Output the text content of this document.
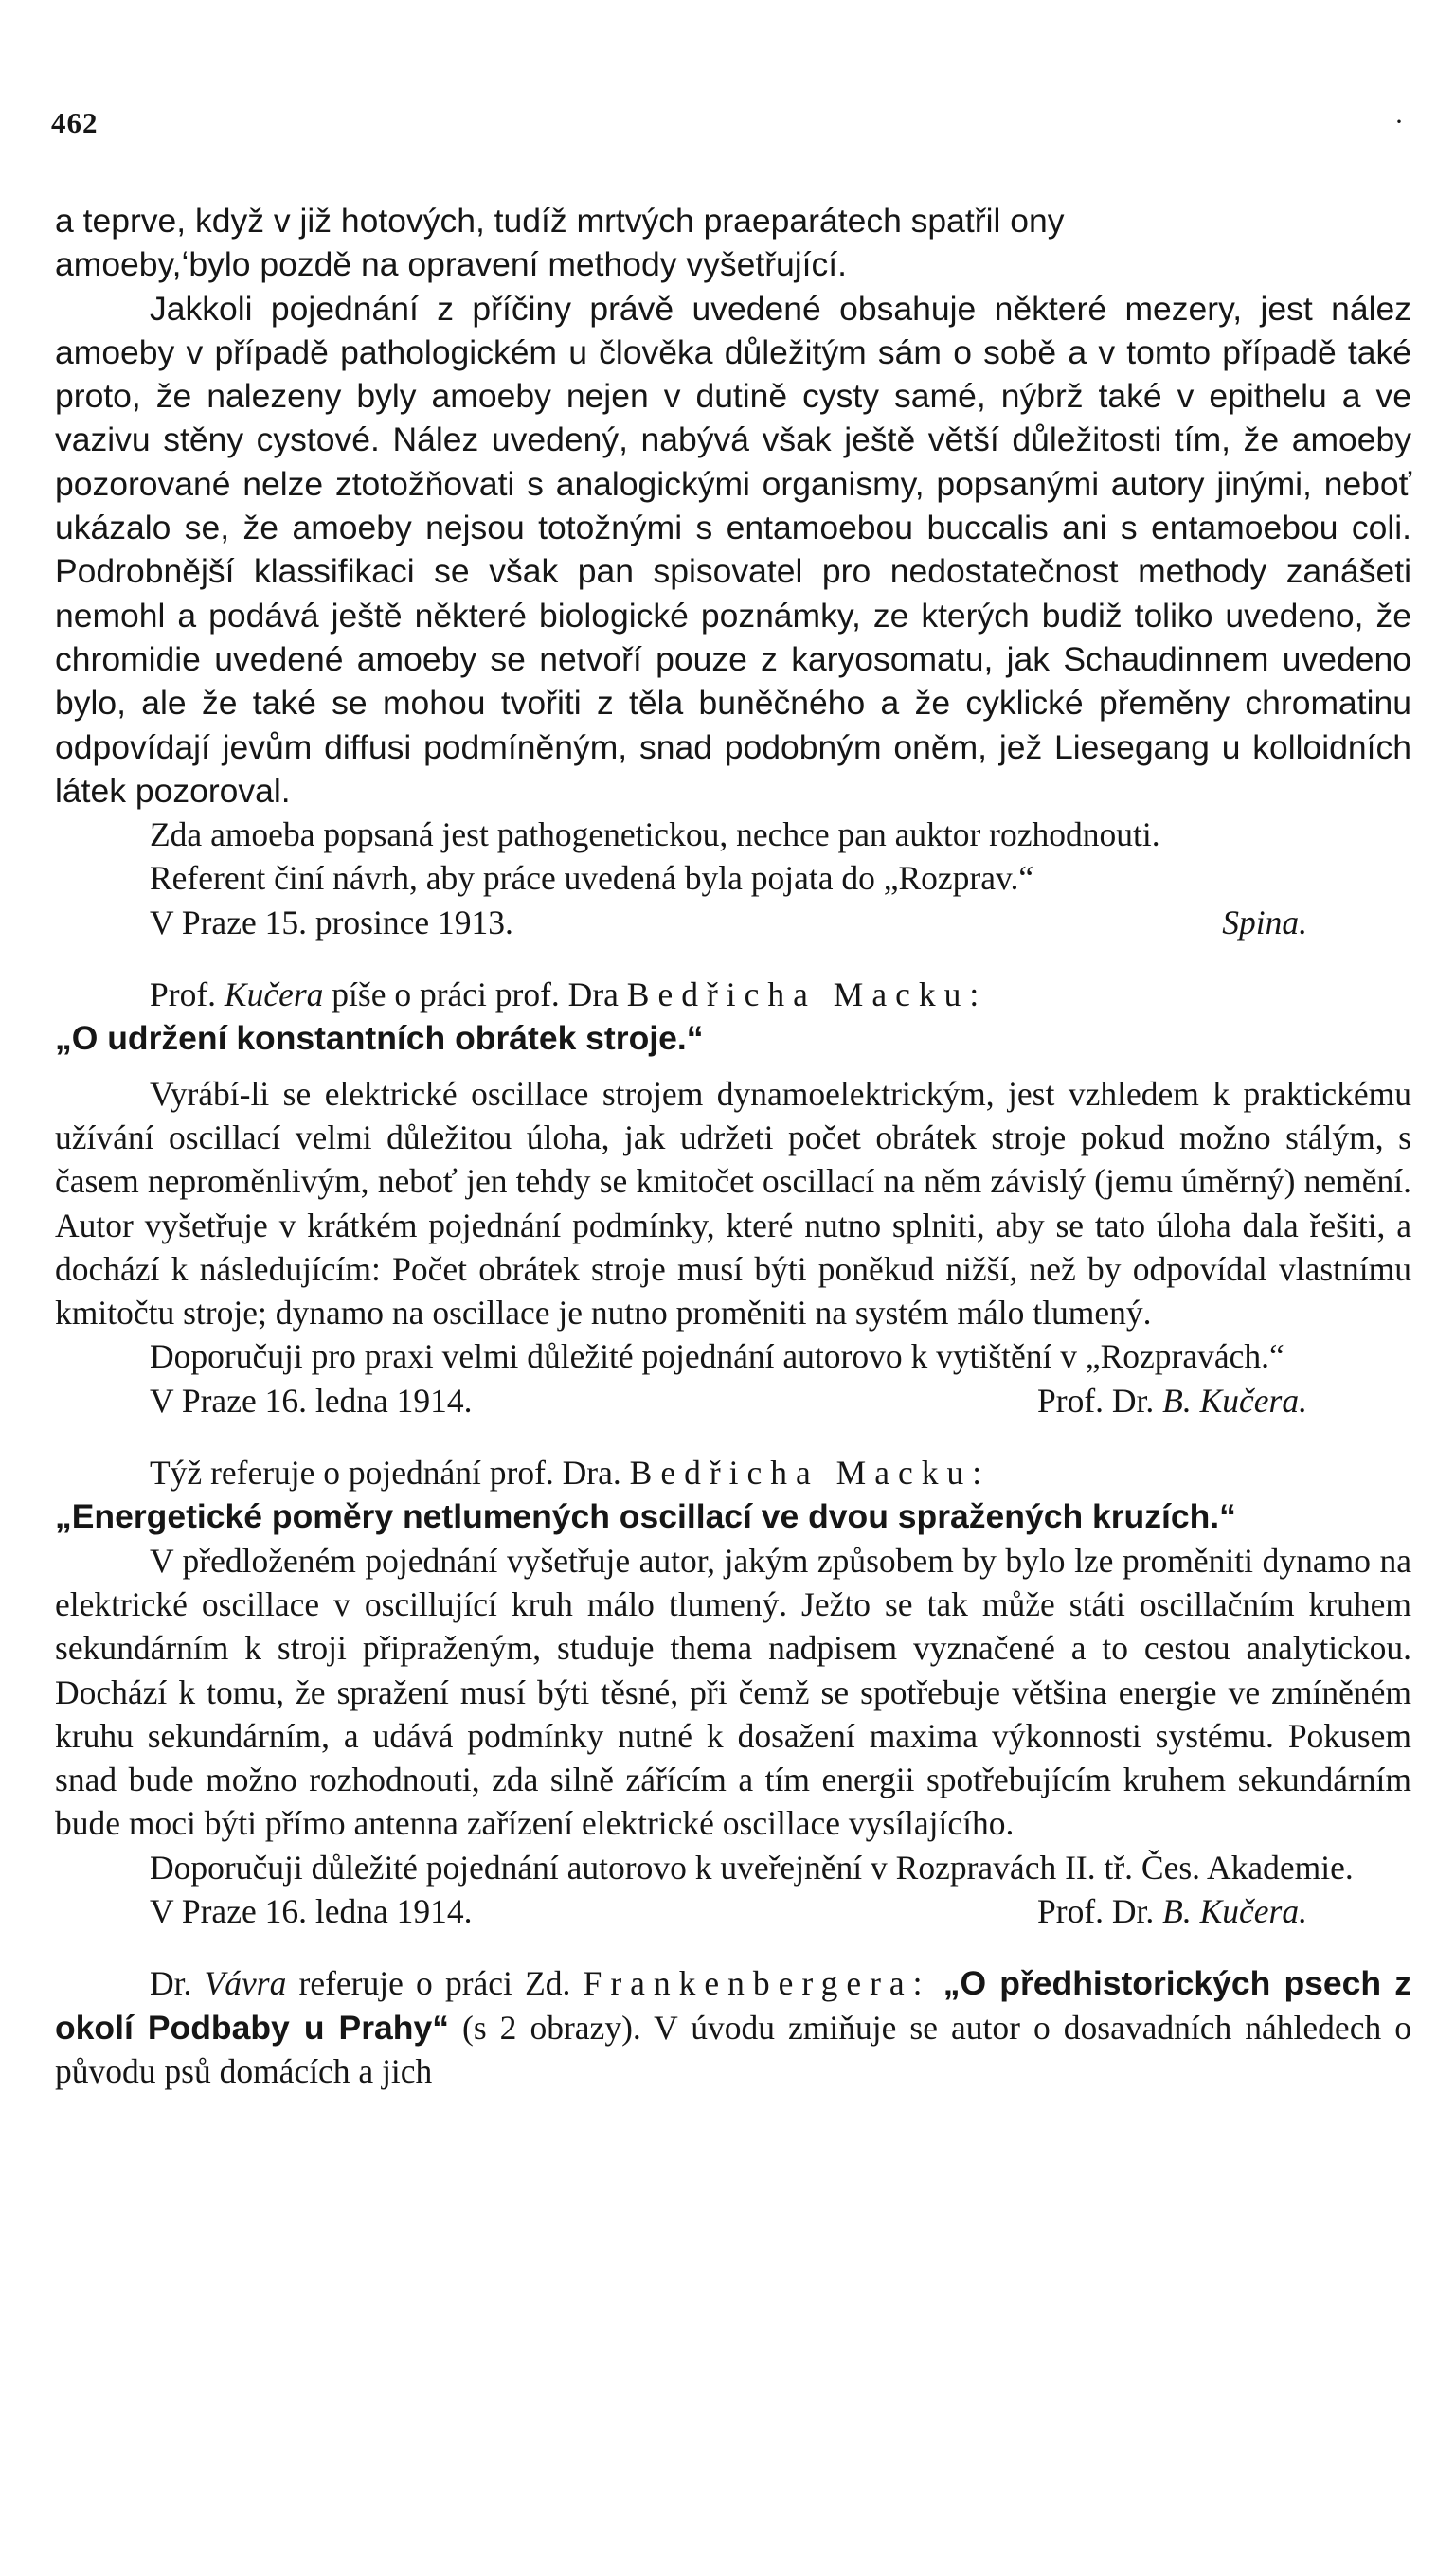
462	·
a teprve, když v již hotových, tudíž mrtvých praeparátech spatřil ony
amoeby,ʻbylo pozdě na opravení methody vyšetřující.

Jakkoli pojednání z příčiny právě uvedené obsahuje některé mezery, jest nález amoeby v případě pathologickém u člověka důležitým sám o sobě a v tomto případě také proto, že nalezeny byly amoeby nejen v dutině cysty samé, nýbrž také v epithelu a ve vazivu stěny cystové. Nález uvedený, nabývá však ještě větší důležitosti tím, že amoeby pozorované nelze ztotožňovati s analogickými organismy, popsanými autory jinými, neboť ukázalo se, že amoeby nejsou totožnými s entamoebou buccalis ani s entamoebou coli. Podrobnější klassifikaci se však pan spisovatel pro nedostatečnost methody zanášeti nemohl a podává ještě některé biologické poznámky, ze kterých budiž toliko uvedeno, že chromidie uvedené amoeby se netvoří pouze z karyosomatu, jak Schaudinnem uvedeno bylo, ale že také se mohou tvořiti z těla buněčného a že cyklické přeměny chromatinu odpovídají jevům diffusi podmíněným, snad podobným oněm, jež Liesegang u kolloidních látek pozoroval.

Zda amoeba popsaná jest pathogenetickou, nechce pan auktor rozhodnouti.

Referent činí návrh, aby práce uvedená byla pojata do „Rozprav.“

V Praze 15. prosince 1913.	Spina.

Prof. Kučera píše o práci prof. Dra Bedřicha Macku:

„O udržení konstantních obrátek stroje.“

Vyrábí-li se elektrické oscillace strojem dynamoelektrickým, jest vzhledem k praktickému užívání oscillací velmi důležitou úloha, jak udržeti počet obrátek stroje pokud možno stálým, s časem neproměnlivým, neboť jen tehdy se kmitočet oscillací na něm závislý (jemu úměrný) nemění. Autor vyšetřuje v krátkém pojednání podmínky, které nutno splniti, aby se tato úloha dala řešiti, a dochází k následujícím: Počet obrátek stroje musí býti poněkud nižší, než by odpovídal vlastnímu kmitočtu stroje; dynamo na oscillace je nutno proměniti na systém málo tlumený.

Doporučuji pro praxi velmi důležité pojednání autorovo k vytištění v „Rozpravách.“

V Praze 16. ledna 1914.	Prof. Dr. B. Kučera.

Týž referuje o pojednání prof. Dra. Bedřicha Macku:

„Energetické poměry netlumených oscillací ve dvou spražených kruzích.“

V předloženém pojednání vyšetřuje autor, jakým způsobem by bylo lze proměniti dynamo na elektrické oscillace v oscillující kruh málo tlumený. Ježto se tak může státi oscillačním kruhem sekundárním k stroji připraženým, studuje thema nadpisem vyznačené a to cestou analytickou. Dochází k tomu, že spražení musí býti těsné, při čemž se spotřebuje většina energie ve zmíněném kruhu sekundárním, a udává podmínky nutné k dosažení maxima výkonnosti systému. Pokusem snad bude možno rozhodnouti, zda silně zářícím a tím energii spotřebujícím kruhem sekundárním bude moci býti přímo antenna zařízení elektrické oscillace vysílajícího.

Doporučuji důležité pojednání autorovo k uveřejnění v Rozpravách II. tř. Čes. Akademie.

V Praze 16. ledna 1914.	Prof. Dr. B. Kučera.

Dr. Vávra referuje o práci Zd. Frankenbergera: „O předhistorických psech z okolí Podbaby u Prahy“ (s 2 obrazy). V úvodu zmiňuje se autor o dosavadních náhledech o původu psů domácích a jich
